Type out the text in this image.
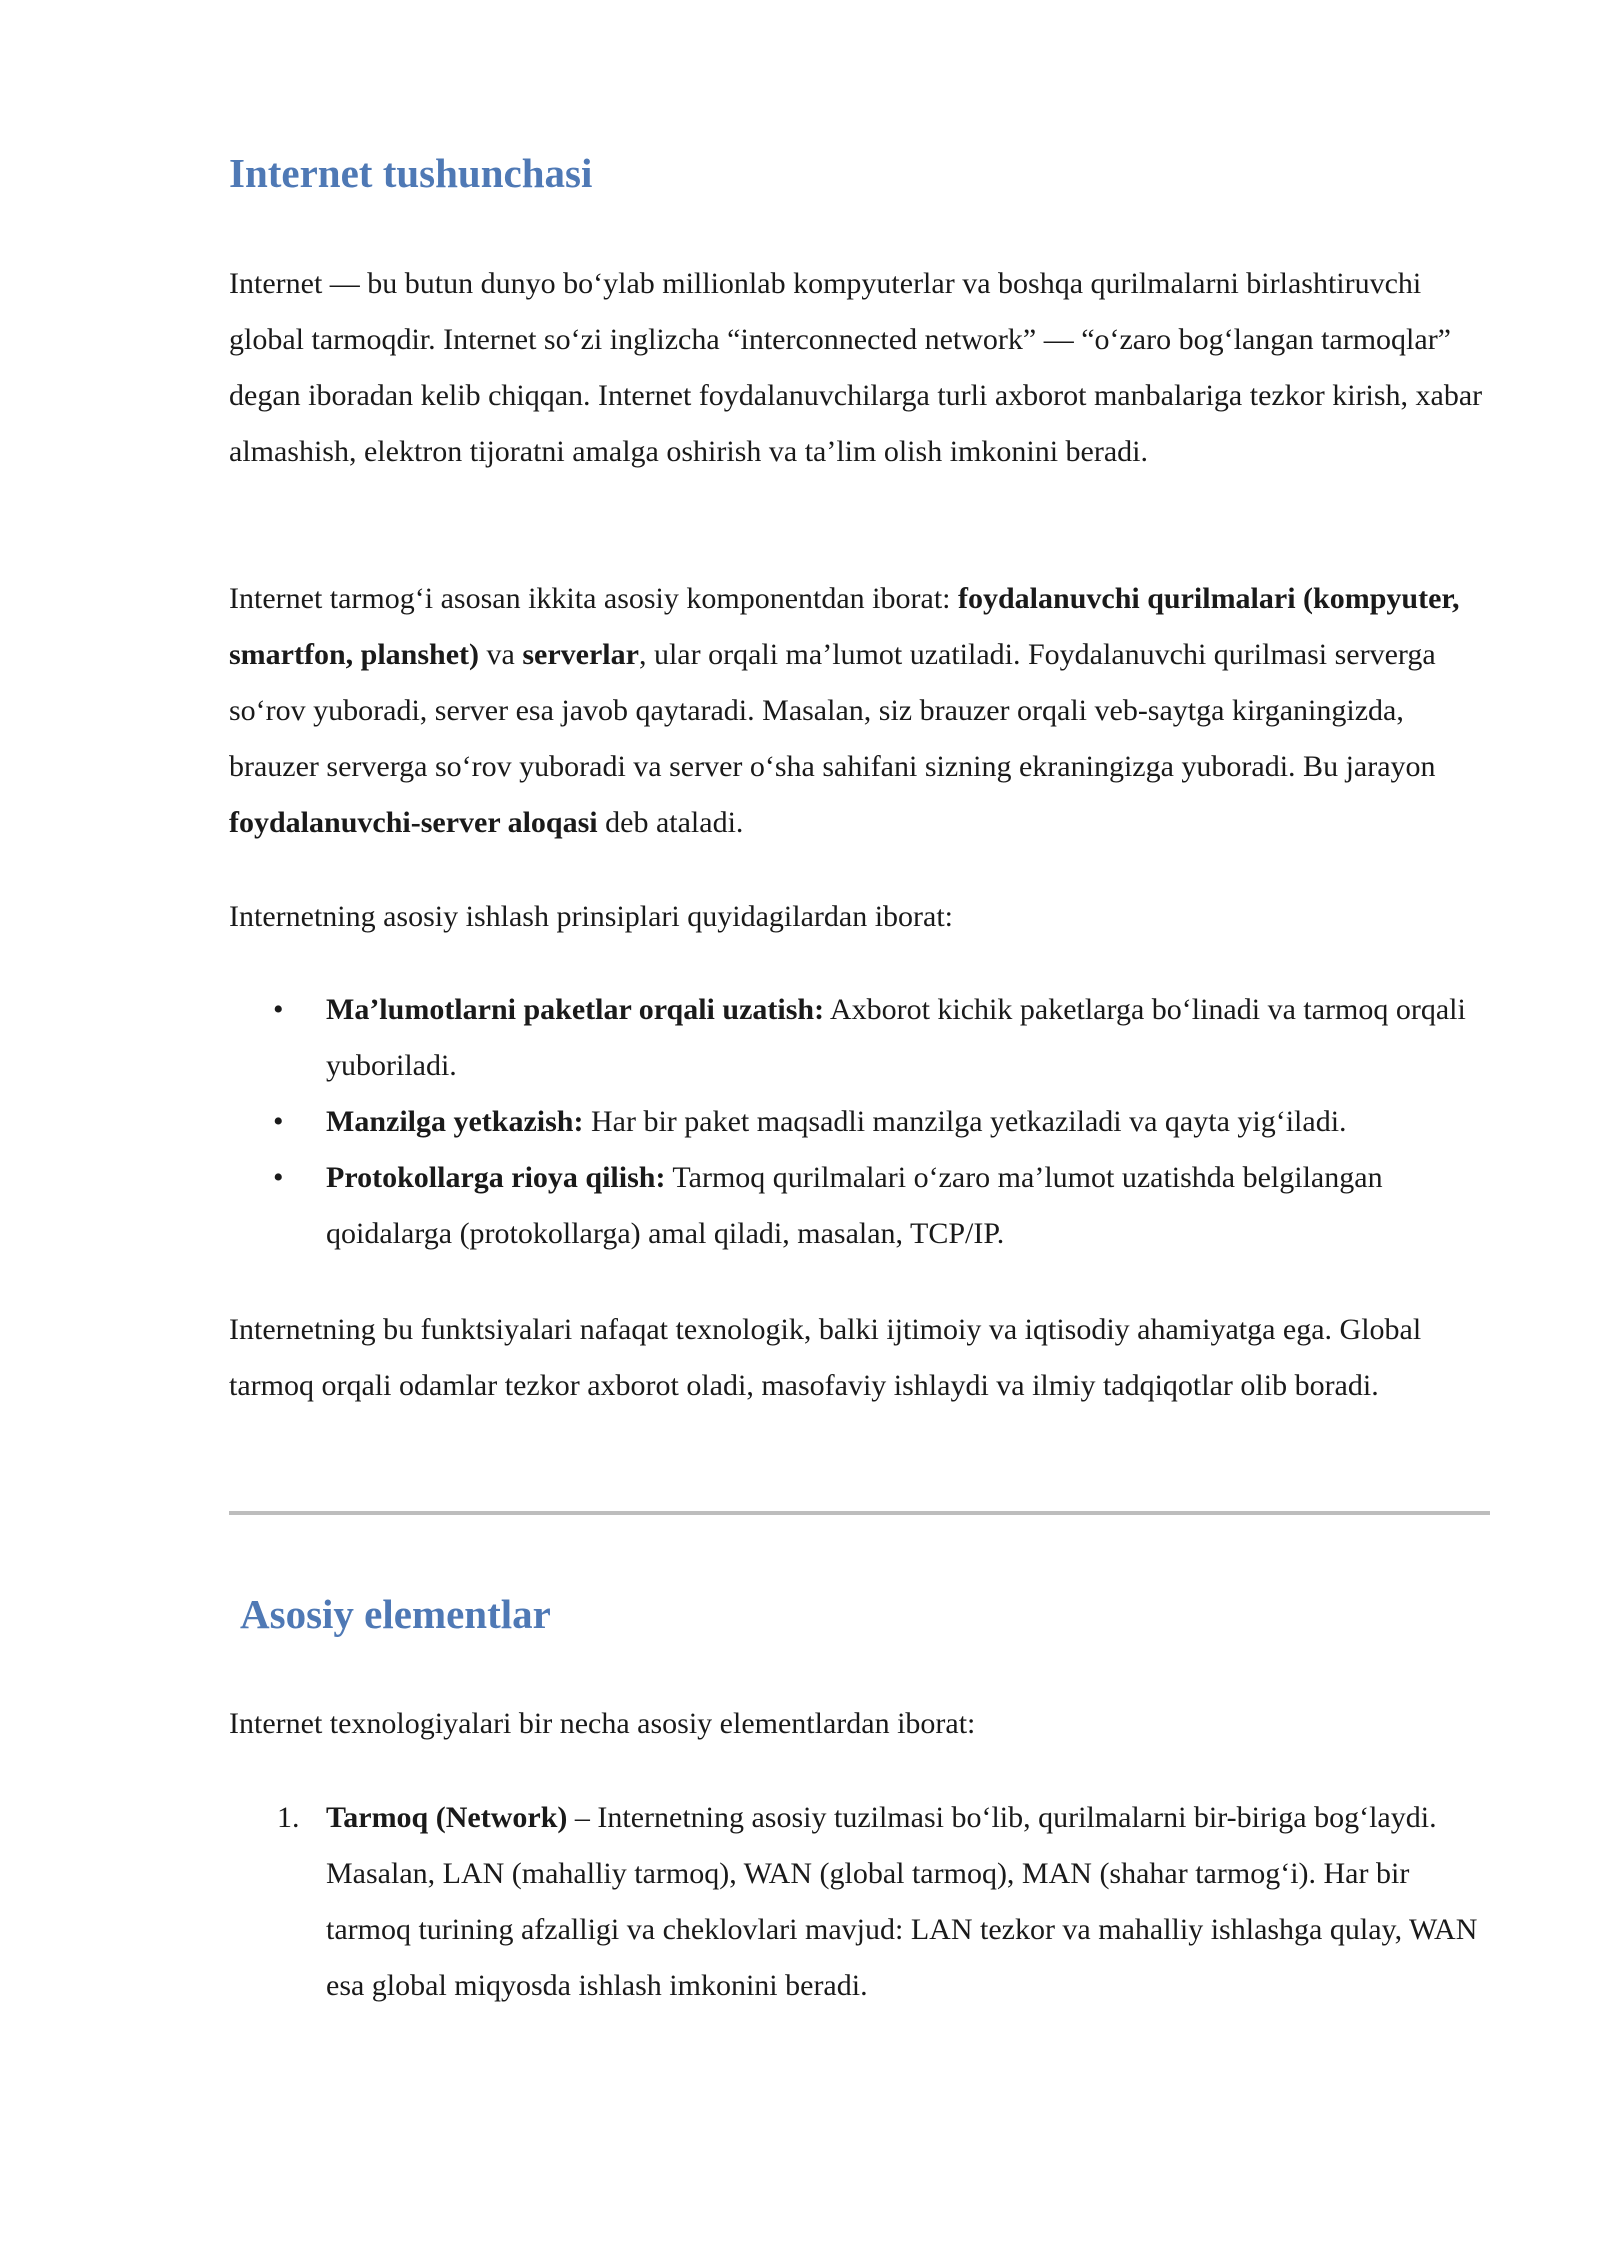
Internet tushunchasi

Internet — bu butun dunyo bo‘ylab millionlab kompyuterlar va boshqa qurilmalarni birlashtiruvchi global tarmoqdir. Internet so‘zi inglizcha “interconnected network” — “o‘zaro bog‘langan tarmoqlar” degan iboradan kelib chiqqan. Internet foydalanuvchilarga turli axborot manbalariga tezkor kirish, xabar almashish, elektron tijoratni amalga oshirish va ta’lim olish imkonini beradi.

Internet tarmog‘i asosan ikkita asosiy komponentdan iborat: foydalanuvchi qurilmalari (kompyuter, smartfon, planshet) va serverlar, ular orqali ma’lumot uzatiladi. Foydalanuvchi qurilmasi serverga so‘rov yuboradi, server esa javob qaytaradi. Masalan, siz brauzer orqali veb-saytga kirganingizda, brauzer serverga so‘rov yuboradi va server o‘sha sahifani sizning ekraningizga yuboradi. Bu jarayon foydalanuvchi-server aloqasi deb ataladi.

Internetning asosiy ishlash prinsiplari quyidagilardan iborat:

•	Ma’lumotlarni paketlar orqali uzatish: Axborot kichik paketlarga bo‘linadi va tarmoq orqali yuboriladi.
•	Manzilga yetkazish: Har bir paket maqsadli manzilga yetkaziladi va qayta yig‘iladi.
•	Protokollarga rioya qilish: Tarmoq qurilmalari o‘zaro ma’lumot uzatishda belgilangan qoidalarga (protokollarga) amal qiladi, masalan, TCP/IP.

Internetning bu funktsiyalari nafaqat texnologik, balki ijtimoiy va iqtisodiy ahamiyatga ega. Global tarmoq orqali odamlar tezkor axborot oladi, masofaviy ishlaydi va ilmiy tadqiqotlar olib boradi.

Asosiy elementlar

Internet texnologiyalari bir necha asosiy elementlardan iborat:

1. Tarmoq (Network) – Internetning asosiy tuzilmasi bo‘lib, qurilmalarni bir-biriga bog‘laydi. Masalan, LAN (mahalliy tarmoq), WAN (global tarmoq), MAN (shahar tarmog‘i). Har bir tarmoq turining afzalligi va cheklovlari mavjud: LAN tezkor va mahalliy ishlashga qulay, WAN esa global miqyosda ishlash imkonini beradi.
